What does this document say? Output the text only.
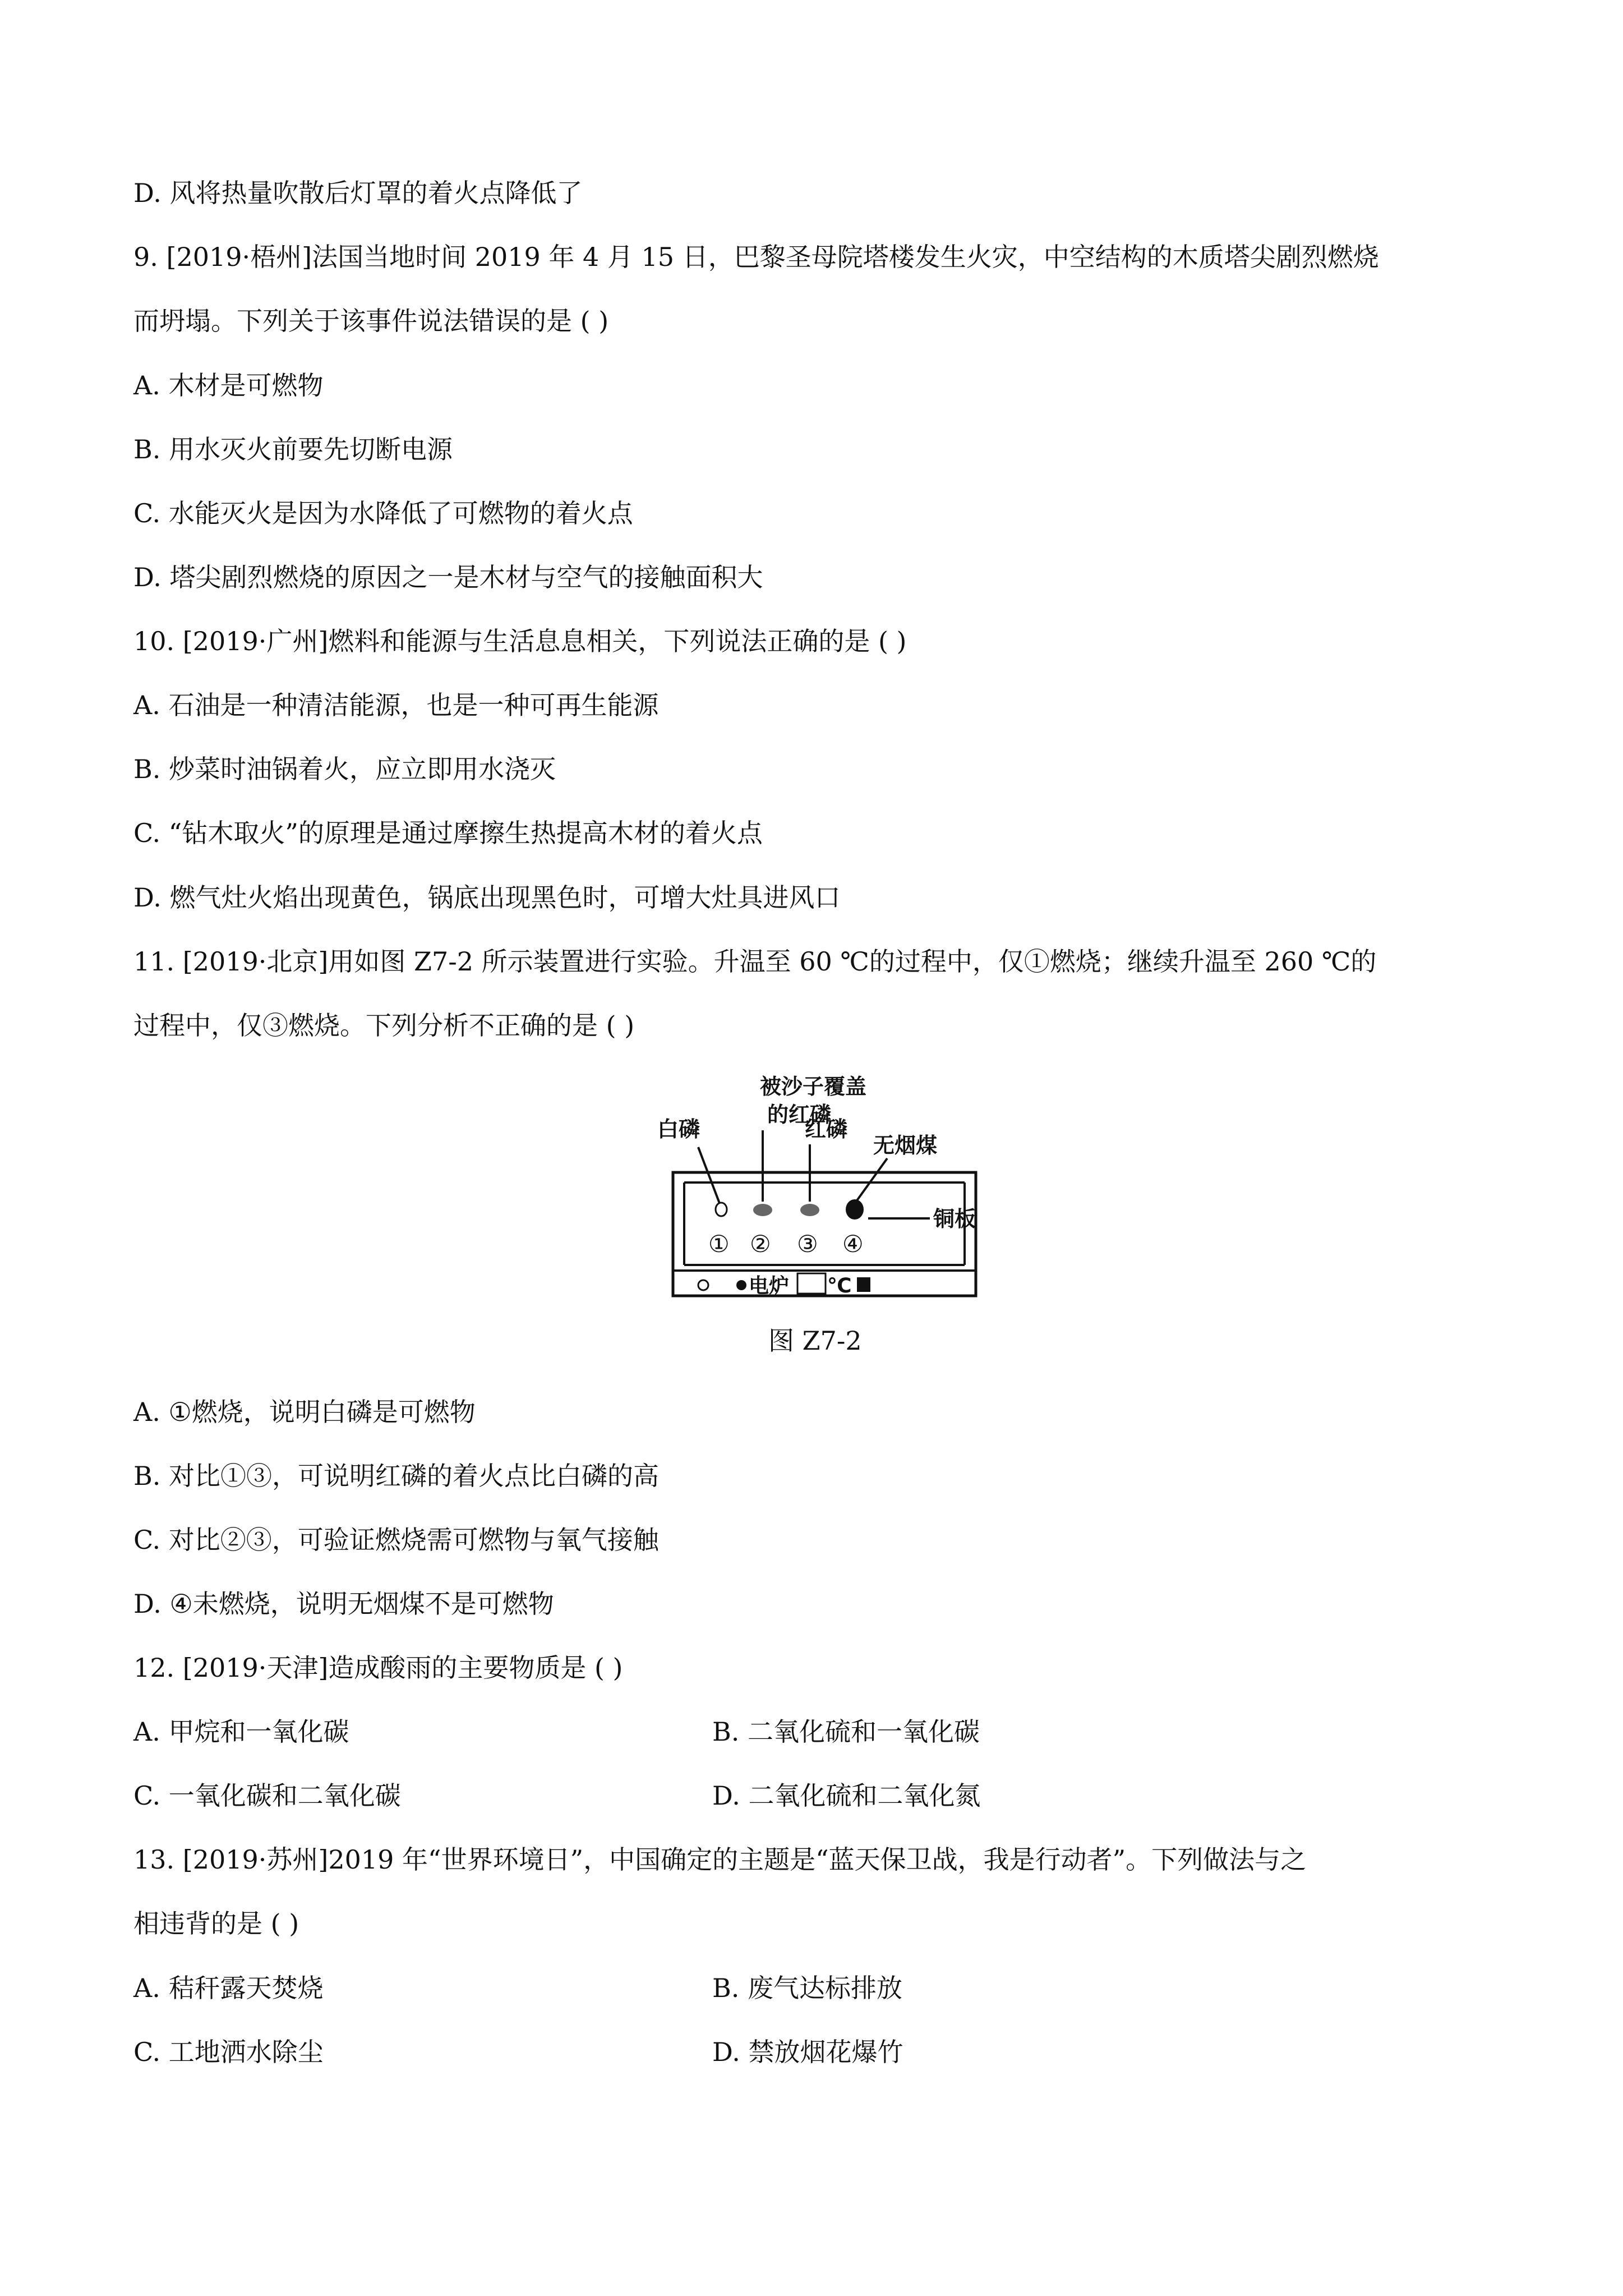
D. 风将热量吹散后灯罩的着火点降低了
9. [2019·梧州]法国当地时间 2019 年 4 月 15 日，巴黎圣母院塔楼发生火灾，中空结构的木质塔尖剧烈燃烧
而坍塌。下列关于该事件说法错误的是 ( )
A. 木材是可燃物
B. 用水灭火前要先切断电源
C. 水能灭火是因为水降低了可燃物的着火点
D. 塔尖剧烈燃烧的原因之一是木材与空气的接触面积大
10. [2019·广州]燃料和能源与生活息息相关，下列说法正确的是 ( )
A. 石油是一种清洁能源，也是一种可再生能源
B. 炒菜时油锅着火，应立即用水浇灭
C. “钻木取火”的原理是通过摩擦生热提高木材的着火点
D. 燃气灶火焰出现黄色，锅底出现黑色时，可增大灶具进风口
11. [2019·北京]用如图 Z7-2 所示装置进行实验。升温至 60 ℃的过程中，仅①燃烧；继续升温至 260 ℃的
过程中，仅③燃烧。下列分析不正确的是 ( )
被沙子覆盖
的红磷
白磷	红磷
无烟煤
① ② ③ ④
铜板
电炉 ℃
图 Z7-2
A. ①燃烧，说明白磷是可燃物
B. 对比①③，可说明红磷的着火点比白磷的高
C. 对比②③，可验证燃烧需可燃物与氧气接触
D. ④未燃烧，说明无烟煤不是可燃物
12. [2019·天津]造成酸雨的主要物质是 ( )
A. 甲烷和一氧化碳	B. 二氧化硫和一氧化碳
C. 一氧化碳和二氧化碳	D. 二氧化硫和二氧化氮
13. [2019·苏州]2019 年“世界环境日”，中国确定的主题是“蓝天保卫战，我是行动者”。下列做法与之
相违背的是 ( )
A. 秸秆露天焚烧	B. 废气达标排放
C. 工地洒水除尘	D. 禁放烟花爆竹
